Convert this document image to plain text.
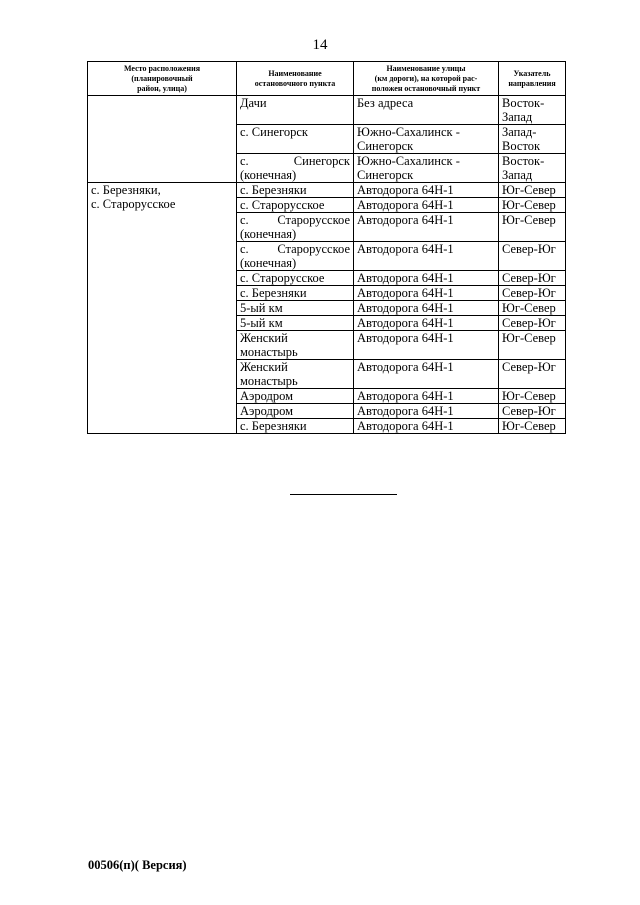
14
Место расположения
(планировочный
район, улица)	Наименование
остановочного пункта	Наименование улицы
(км дороги), на которой рас-
положен остановочный пункт	Указатель
направления

	Дачи	Без адреса	Восток-Запад
	с. Синегорск	Южно-Сахалинск -
Синегорск	Запад-Восток

	с. Синегорск
(конечная)	Южно-Сахалинск -
Синегорск	Восток-Запад

с. Березняки,
с. Старорусское	с. Березняки	Автодорога 64Н-1	Юг-Север
	с. Старорусское	Автодорога 64Н-1	Юг-Север

	с. Старорусское
(конечная)	Автодорога 64Н-1	Юг-Север

	с. Старорусское
(конечная)	Автодорога 64Н-1	Север-Юг
	с. Старорусское	Автодорога 64Н-1	Север-Юг
	с. Березняки	Автодорога 64Н-1	Север-Юг
	5-ый км	Автодорога 64Н-1	Юг-Север
	5-ый км	Автодорога 64Н-1	Север-Юг

	Женский
монастырь	Автодорога 64Н-1	Юг-Север

	Женский
монастырь	Автодорога 64Н-1	Север-Юг
	Аэродром	Автодорога 64Н-1	Юг-Север
	Аэродром	Автодорога 64Н-1	Север-Юг
	с. Березняки	Автодорога 64Н-1	Юг-Север
00506(п)( Версия)
